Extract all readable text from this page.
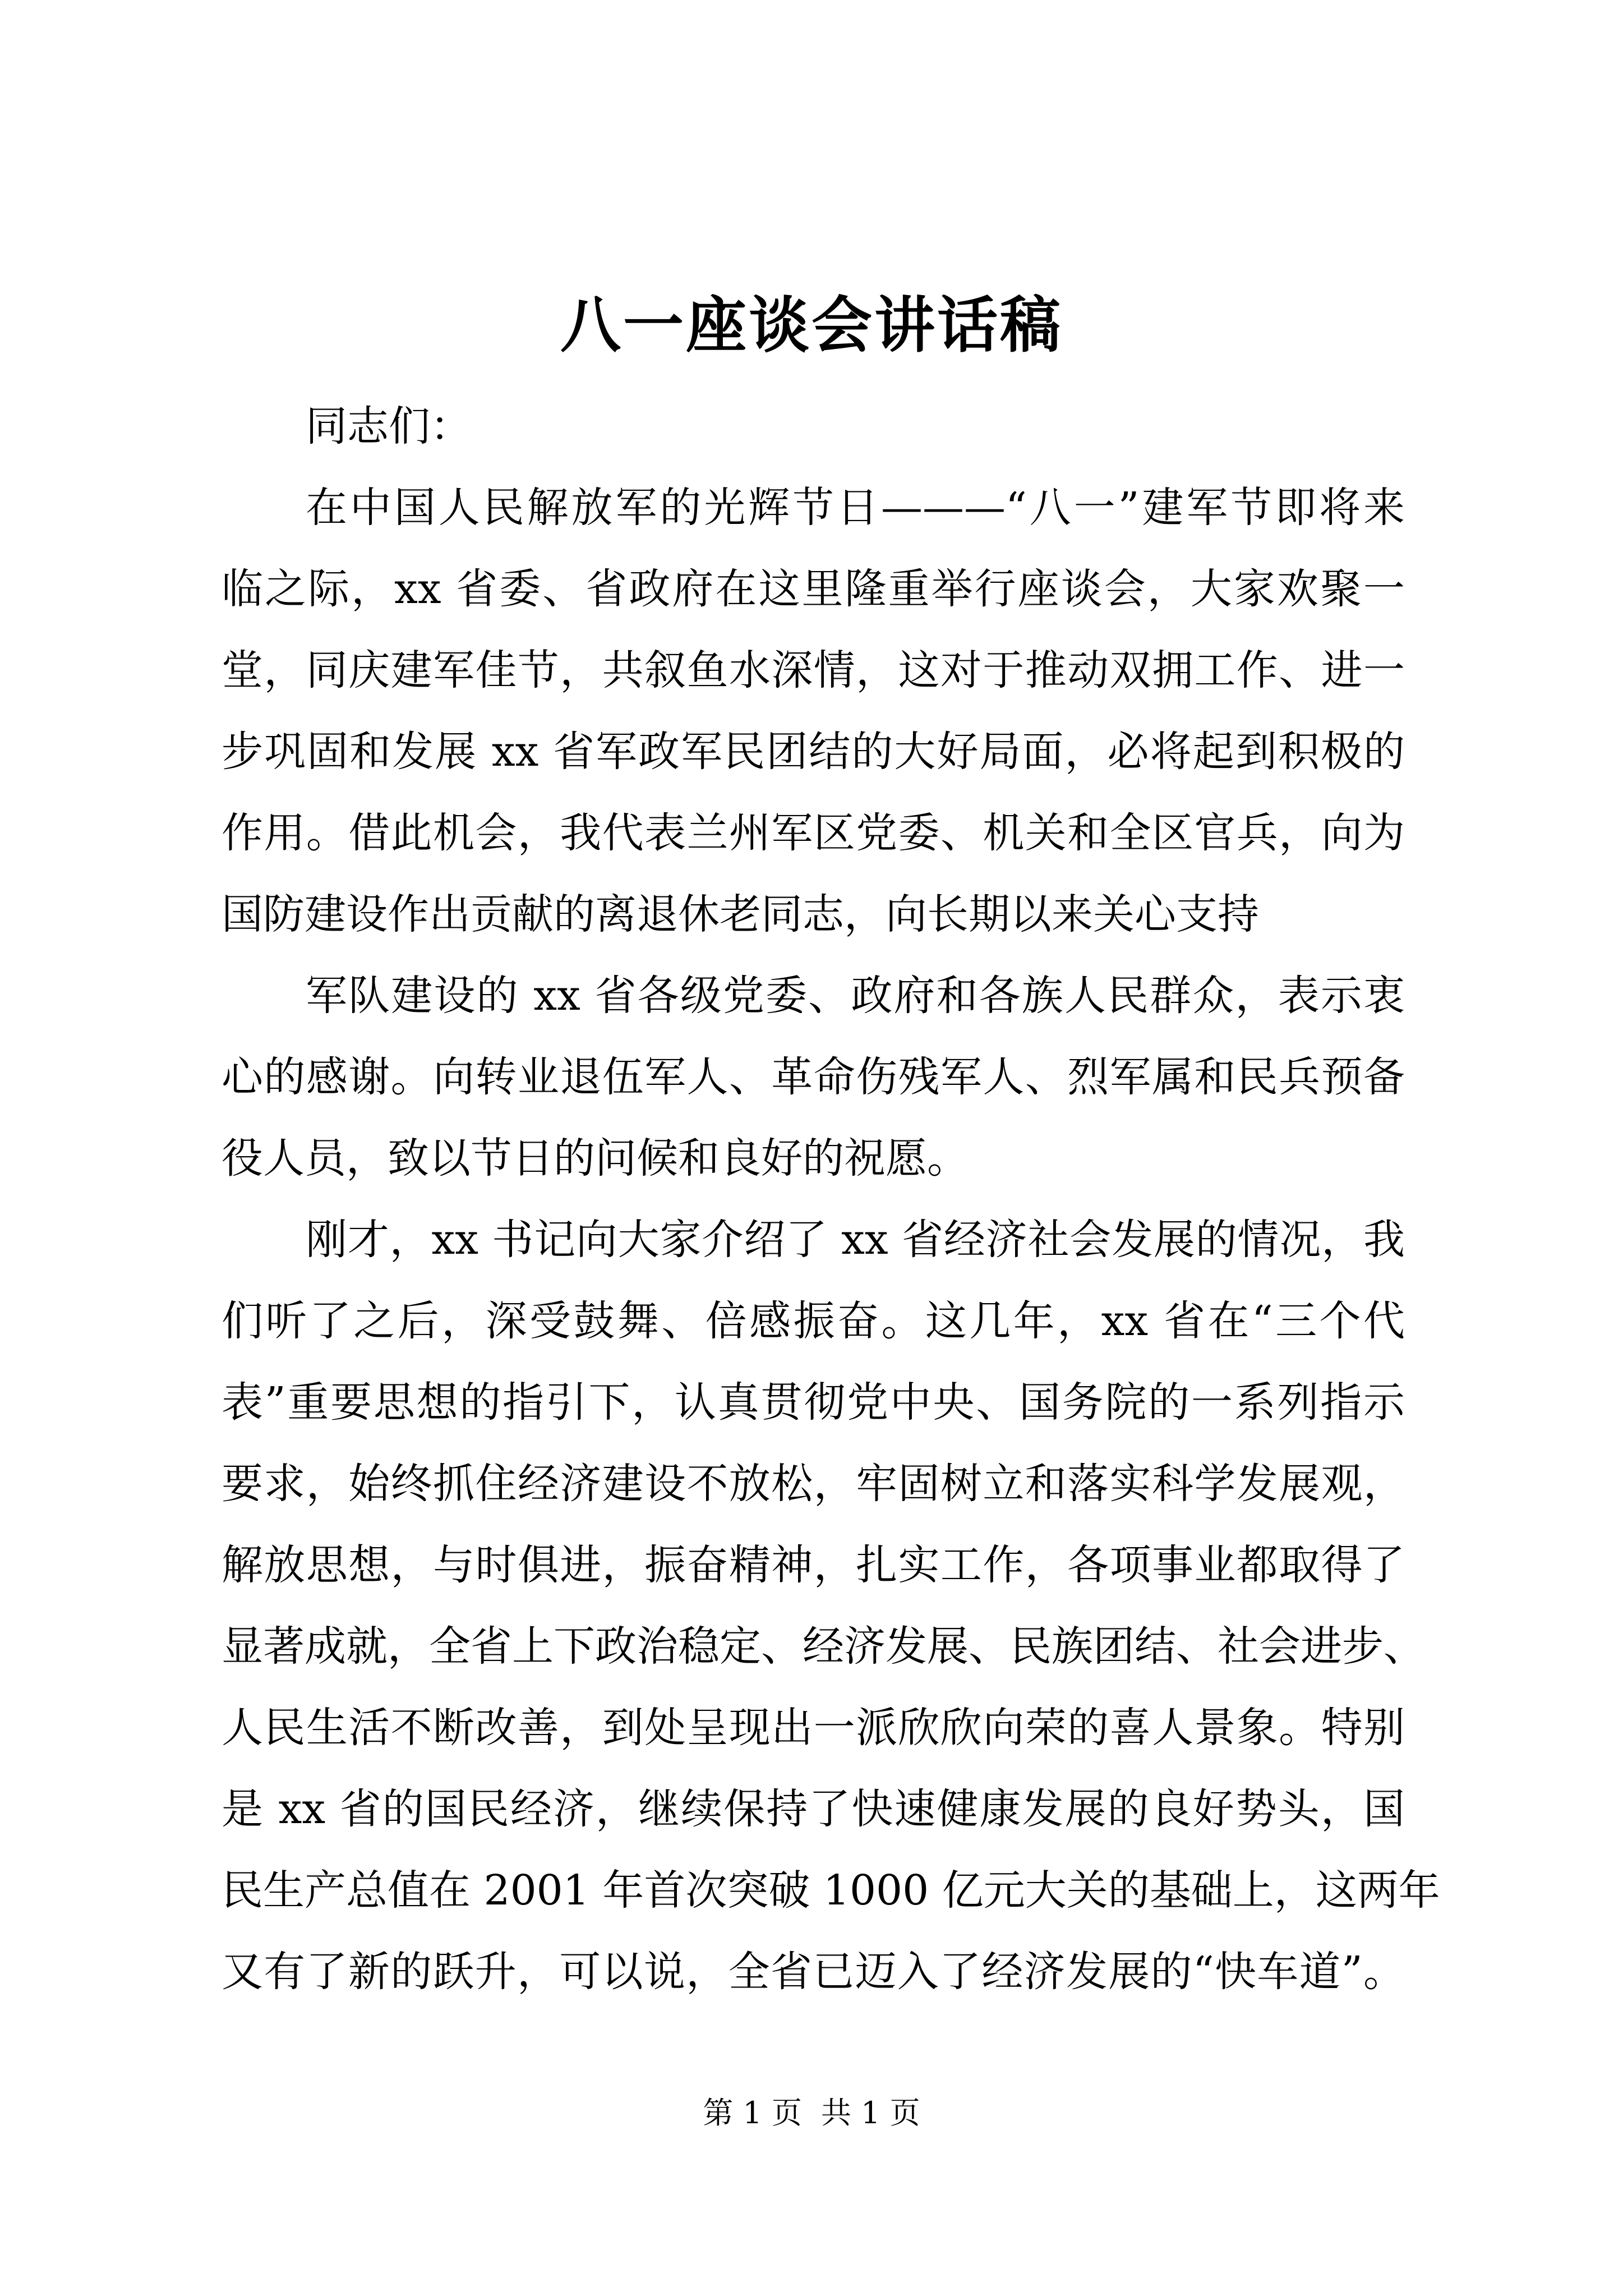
八一座谈会讲话稿
同志们：
在中国人民解放军的光辉节日———“八一”建军节即将来
临之际，xx 省委、省政府在这里隆重举行座谈会，大家欢聚一
堂，同庆建军佳节，共叙鱼水深情，这对于推动双拥工作、进一
步巩固和发展 xx 省军政军民团结的大好局面，必将起到积极的
作用。借此机会，我代表兰州军区党委、机关和全区官兵，向为
国防建设作出贡献的离退休老同志，向长期以来关心支持
军队建设的 xx 省各级党委、政府和各族人民群众，表示衷
心的感谢。向转业退伍军人、革命伤残军人、烈军属和民兵预备
役人员，致以节日的问候和良好的祝愿。
刚才，xx 书记向大家介绍了 xx 省经济社会发展的情况，我
们听了之后，深受鼓舞、倍感振奋。这几年，xx 省在“三个代
表”重要思想的指引下，认真贯彻党中央、国务院的一系列指示
要求，始终抓住经济建设不放松，牢固树立和落实科学发展观，
解放思想，与时俱进，振奋精神，扎实工作，各项事业都取得了
显著成就，全省上下政治稳定、经济发展、民族团结、社会进步、
人民生活不断改善，到处呈现出一派欣欣向荣的喜人景象。特别
是 xx 省的国民经济，继续保持了快速健康发展的良好势头，国
民生产总值在 2001 年首次突破 1000 亿元大关的基础上，这两年
又有了新的跃升，可以说，全省已迈入了经济发展的“快车道”。
第 1 页 共 1 页
